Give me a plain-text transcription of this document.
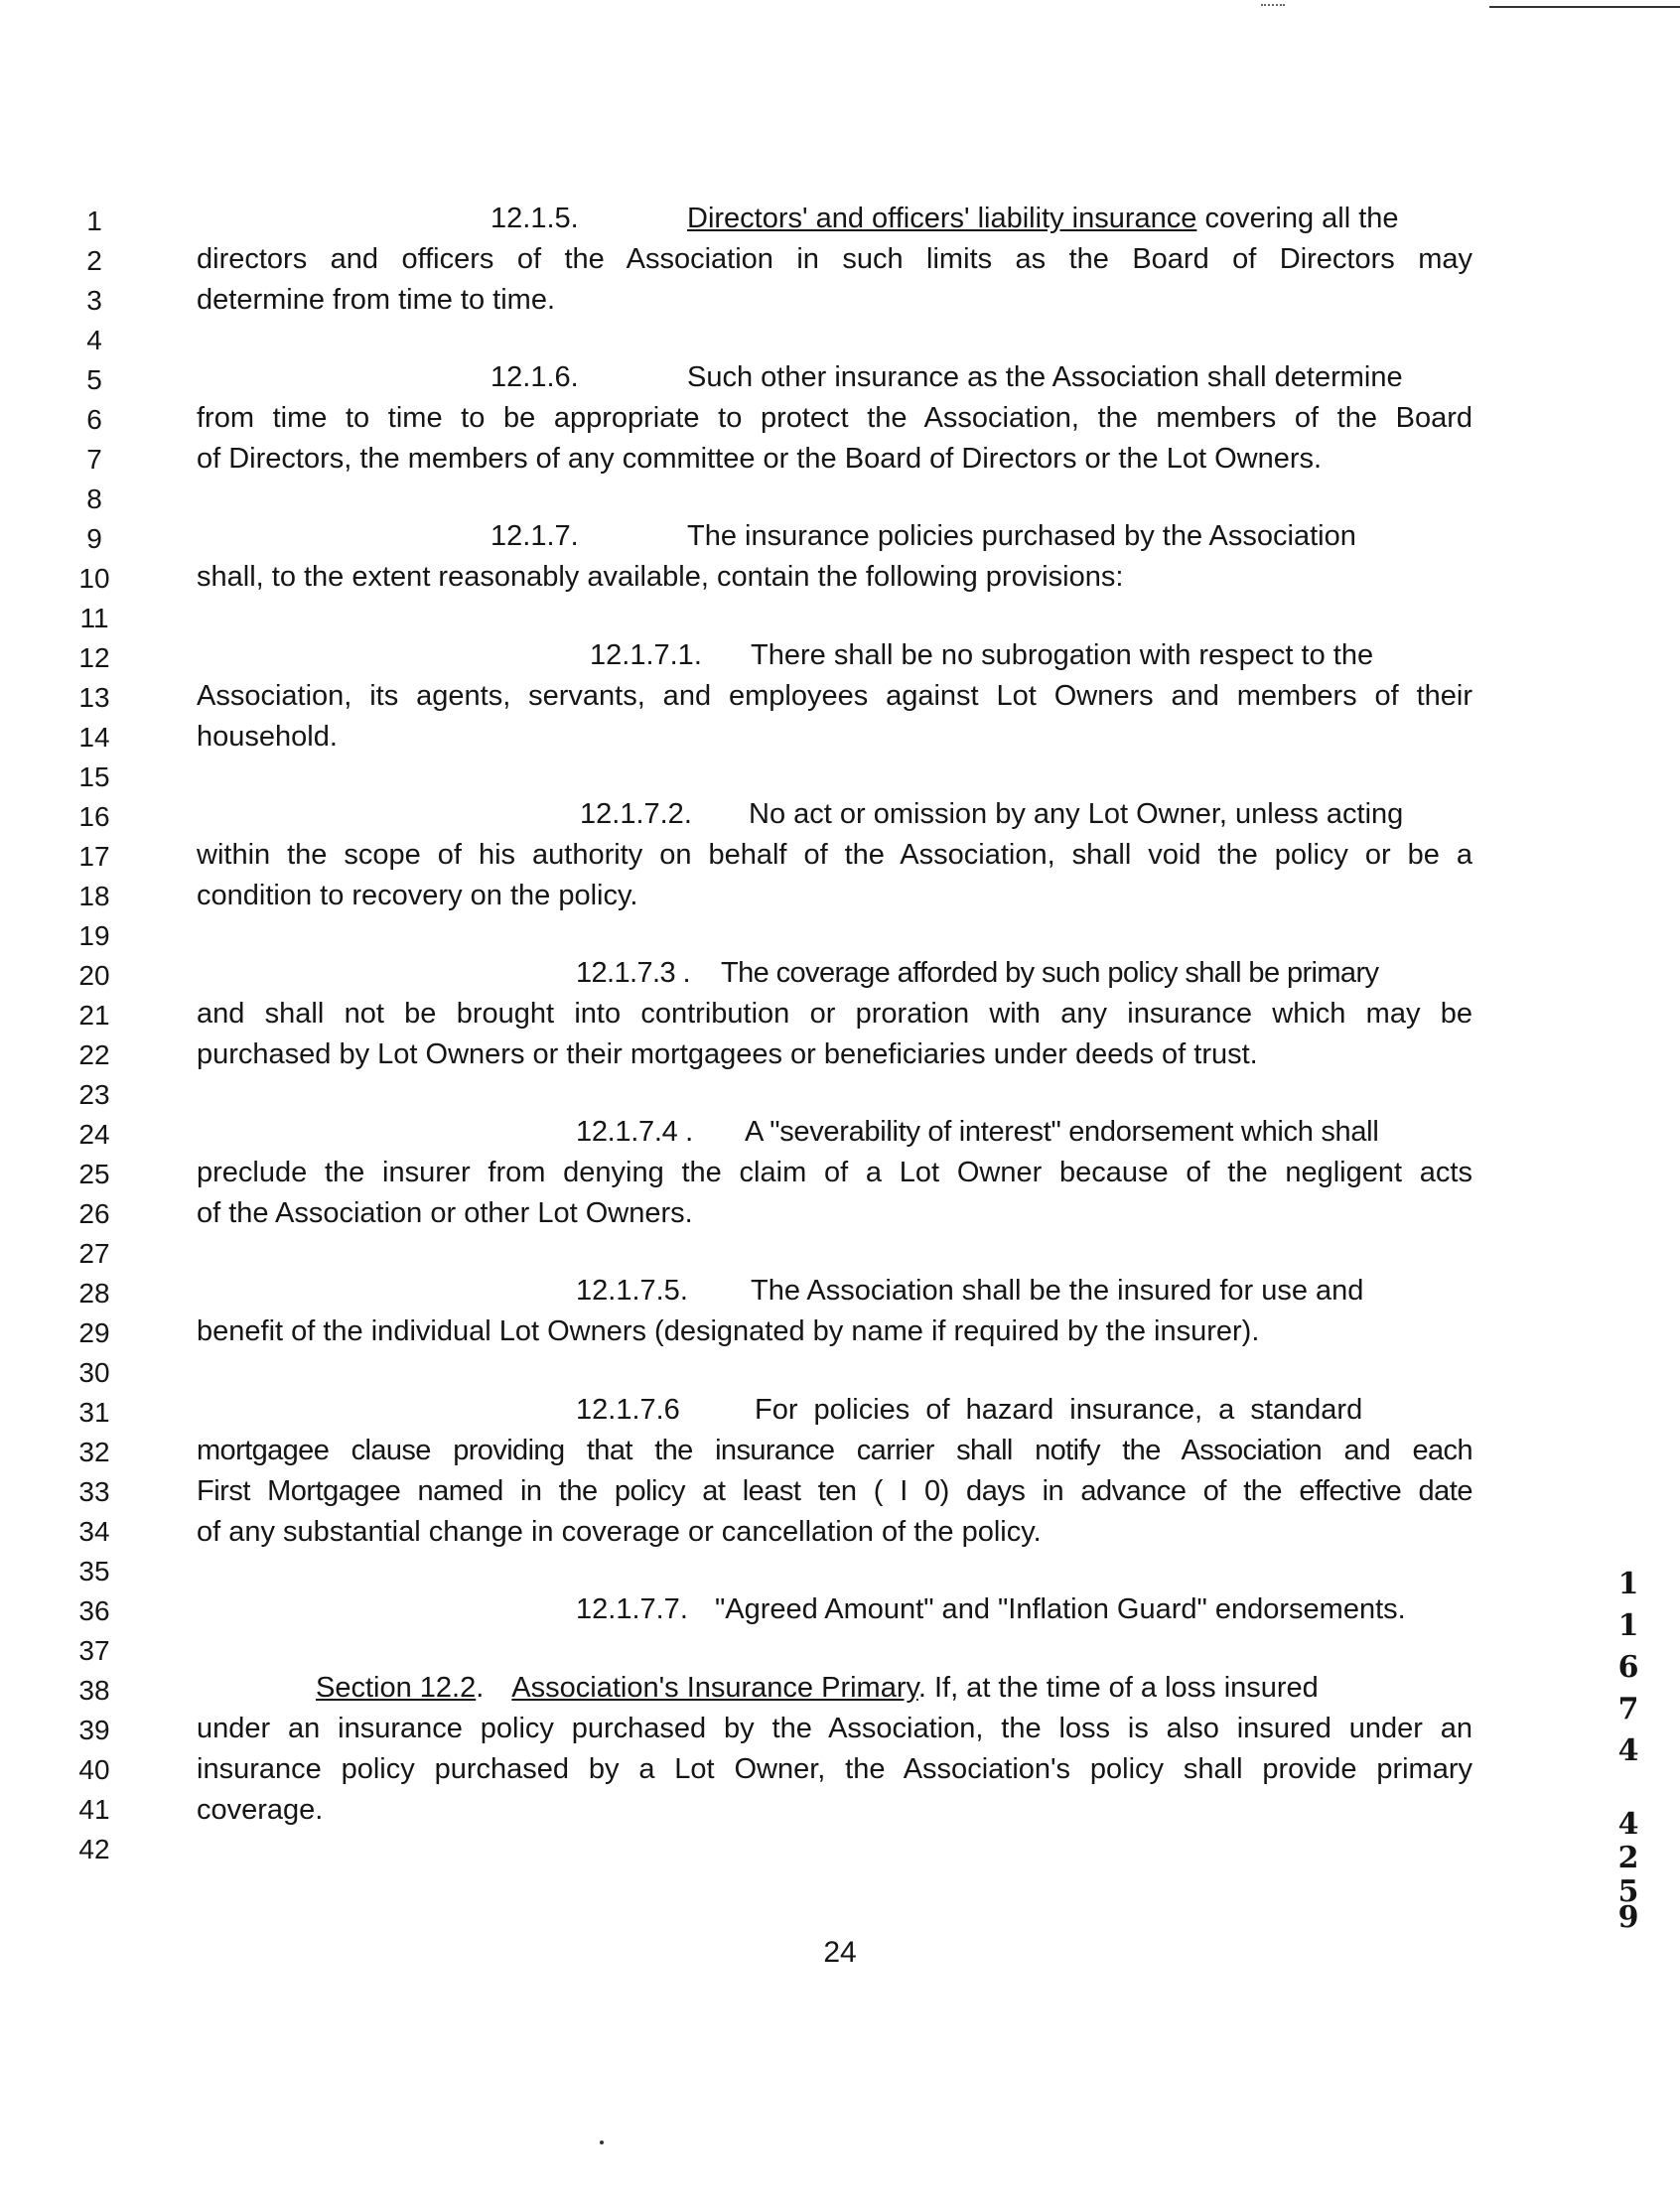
1
2
3
4
5
6
7
8
9
10
11
12
13
14
15
16
17
18
19
20
21
22
23
24
25
26
27
28
29
30
31
32
33
34
35
36
37
38
39
40
41
42
12.1.5.	Directors' and officers' liability insurance covering all the
directors and officers of the Association in such limits as the Board of Directors may
determine from time to time.
12.1.6.	Such other insurance as the Association shall determine
from time to time to be appropriate to protect the Association, the members of the Board
of Directors, the members of any committee or the Board of Directors or the Lot Owners.
12.1.7.	The insurance policies purchased by the Association
shall, to the extent reasonably available, contain the following provisions:
12.1.7.1. There shall be no subrogation with respect to the
Association, its agents, servants, and employees against Lot Owners and members of their
household.
12.1.7.2. No act or omission by any Lot Owner, unless acting
within the scope of his authority on behalf of the Association, shall void the policy or be a
condition to recovery on the policy.
12.1.7.3 . The coverage afforded by such policy shall be primary
and shall not be brought into contribution or proration with any insurance which may be
purchased by Lot Owners or their mortgagees or beneficiaries under deeds of trust.
12.1.7.4 . A "severability of interest" endorsement which shall
preclude the insurer from denying the claim of a Lot Owner because of the negligent acts
of the Association or other Lot Owners.
12.1.7.5. The Association shall be the insured for use and
benefit of the individual Lot Owners (designated by name if required by the insurer).
12.1.7.6	For policies of hazard insurance, a standard
mortgagee clause providing that the insurance carrier shall notify the Association and each
First Mortgagee named in the policy at least ten ( I 0) days in advance of the effective date
of any substantial change in coverage or cancellation of the policy.
12.1.7.7. "Agreed Amount" and "Inflation Guard" endorsements.
Section 12.2. Association's Insurance Primary. If, at the time of a loss insured
under an insurance policy purchased by the Association, the loss is also insured under an
insurance policy purchased by a Lot Owner, the Association's policy shall provide primary
coverage.
1
1
6
7
4
4
2
5
9
24
